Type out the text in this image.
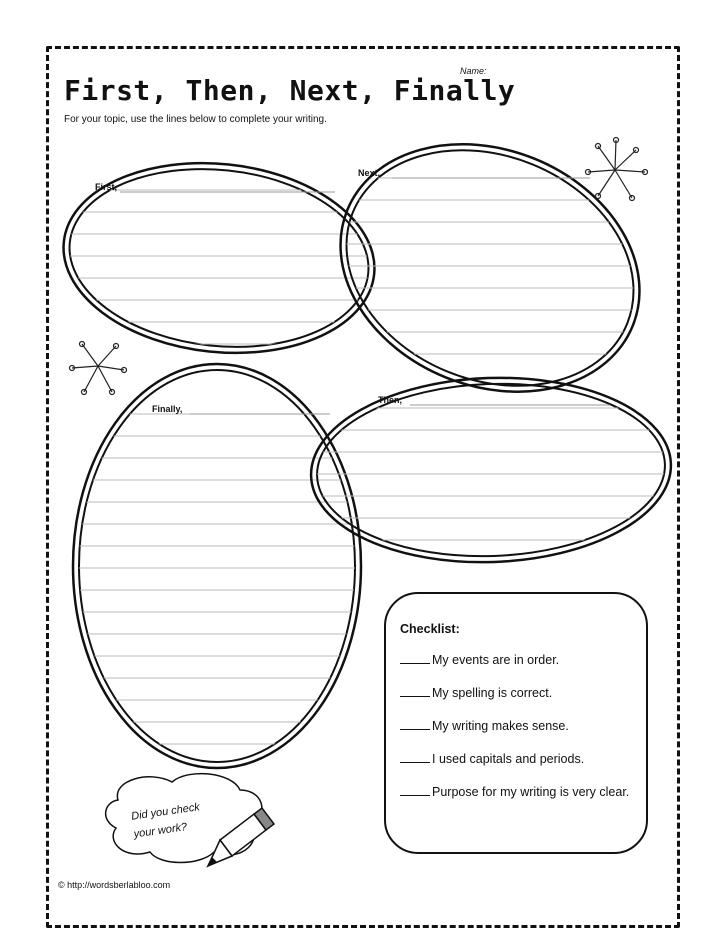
First, Then, Next, Finally
Name:
For your topic, use the lines below to complete your writing.
First,
Next,
Finally,
Then,
Checklist:
My events are in order.
My spelling is correct.
My writing makes sense.
I used capitals and periods.
Purpose for my writing is very clear.
Did you check
your work?
© http://wordsberlabloo.com
